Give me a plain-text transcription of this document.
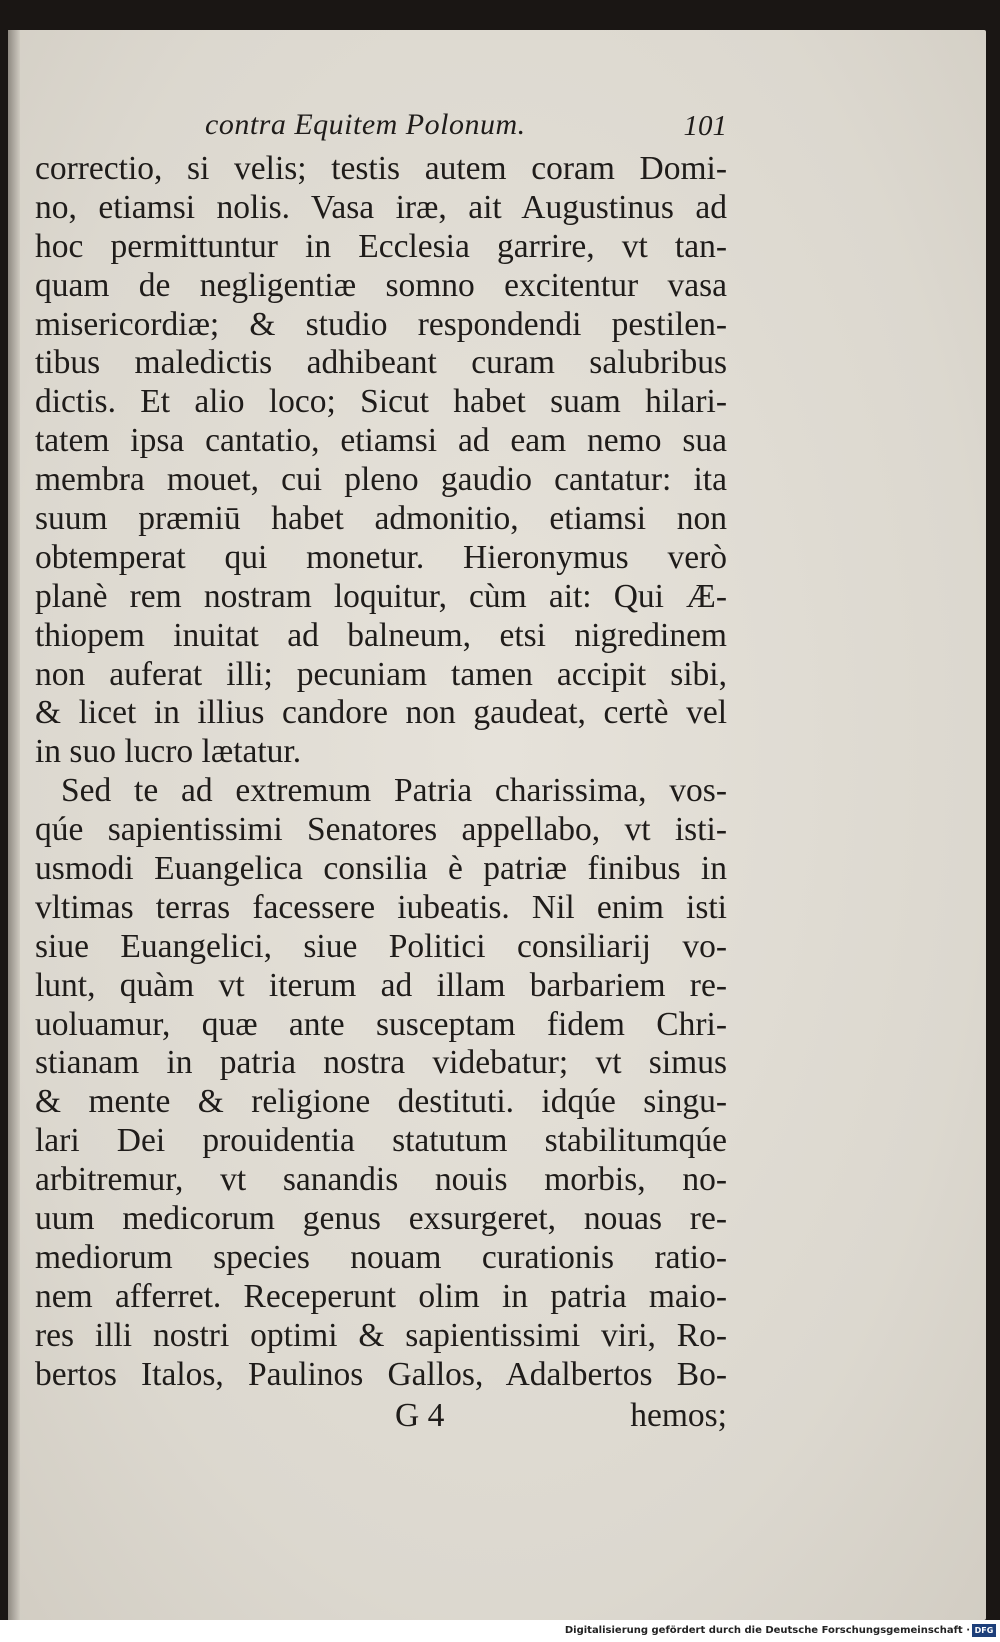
contra Equitem Polonum.	101
correctio, si velis; testis autem coram Domi-
no, etiamsi nolis. Vasa iræ, ait Augustinus ad
hoc permittuntur in Ecclesia garrire, vt tan-
quam de negligentiæ somno excitentur vasa
misericordiæ; & studio respondendi pestilen-
tibus maledictis adhibeant curam salubribus
dictis. Et alio loco; Sicut habet suam hilari-
tatem ipsa cantatio, etiamsi ad eam nemo sua
membra mouet, cui pleno gaudio cantatur: ita
suum præmiū habet admonitio, etiamsi non
obtemperat qui monetur. Hieronymus verò
planè rem nostram loquitur, cùm ait: Qui Æ-
thiopem inuitat ad balneum, etsi nigredinem
non auferat illi; pecuniam tamen accipit sibi,
& licet in illius candore non gaudeat, certè vel
in suo lucro lætatur.
Sed te ad extremum Patria charissima, vos-
qúe sapientissimi Senatores appellabo, vt isti-
usmodi Euangelica consilia è patriæ finibus in
vltimas terras facessere iubeatis. Nil enim isti
siue Euangelici, siue Politici consiliarij vo-
lunt, quàm vt iterum ad illam barbariem re-
uoluamur, quæ ante susceptam fidem Chri-
stianam in patria nostra videbatur; vt simus
& mente & religione destituti. idqúe singu-
lari Dei prouidentia statutum stabilitumqúe
arbitremur, vt sanandis nouis morbis, no-
uum medicorum genus exsurgeret, nouas re-
mediorum species nouam curationis ratio-
nem afferret. Receperunt olim in patria maio-
res illi nostri optimi & sapientissimi viri, Ro-
bertos Italos, Paulinos Gallos, Adalbertos Bo-
G 4	hemos;
Digitalisierung gefördert durch die Deutsche Forschungsgemeinschaft · DFG
